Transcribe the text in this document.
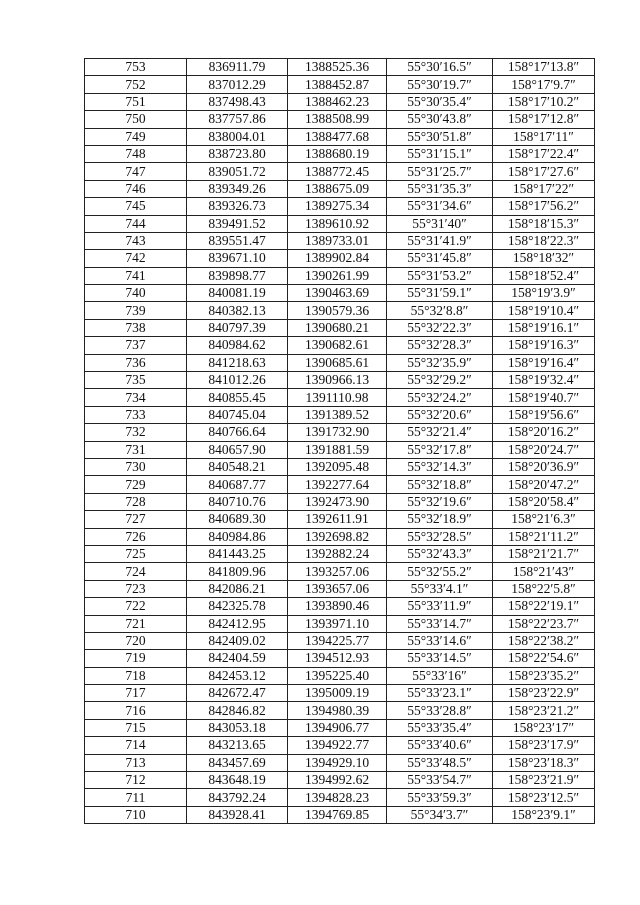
753	836911.79	1388525.36	55°30′16.5″	158°17′13.8″
752	837012.29	1388452.87	55°30′19.7″	158°17′9.7″
751	837498.43	1388462.23	55°30′35.4″	158°17′10.2″
750	837757.86	1388508.99	55°30′43.8″	158°17′12.8″
749	838004.01	1388477.68	55°30′51.8″	158°17′11″
748	838723.80	1388680.19	55°31′15.1″	158°17′22.4″
747	839051.72	1388772.45	55°31′25.7″	158°17′27.6″
746	839349.26	1388675.09	55°31′35.3″	158°17′22″
745	839326.73	1389275.34	55°31′34.6″	158°17′56.2″
744	839491.52	1389610.92	55°31′40″	158°18′15.3″
743	839551.47	1389733.01	55°31′41.9″	158°18′22.3″
742	839671.10	1389902.84	55°31′45.8″	158°18′32″
741	839898.77	1390261.99	55°31′53.2″	158°18′52.4″
740	840081.19	1390463.69	55°31′59.1″	158°19′3.9″
739	840382.13	1390579.36	55°32′8.8″	158°19′10.4″
738	840797.39	1390680.21	55°32′22.3″	158°19′16.1″
737	840984.62	1390682.61	55°32′28.3″	158°19′16.3″
736	841218.63	1390685.61	55°32′35.9″	158°19′16.4″
735	841012.26	1390966.13	55°32′29.2″	158°19′32.4″
734	840855.45	1391110.98	55°32′24.2″	158°19′40.7″
733	840745.04	1391389.52	55°32′20.6″	158°19′56.6″
732	840766.64	1391732.90	55°32′21.4″	158°20′16.2″
731	840657.90	1391881.59	55°32′17.8″	158°20′24.7″
730	840548.21	1392095.48	55°32′14.3″	158°20′36.9″
729	840687.77	1392277.64	55°32′18.8″	158°20′47.2″
728	840710.76	1392473.90	55°32′19.6″	158°20′58.4″
727	840689.30	1392611.91	55°32′18.9″	158°21′6.3″
726	840984.86	1392698.82	55°32′28.5″	158°21′11.2″
725	841443.25	1392882.24	55°32′43.3″	158°21′21.7″
724	841809.96	1393257.06	55°32′55.2″	158°21′43″
723	842086.21	1393657.06	55°33′4.1″	158°22′5.8″
722	842325.78	1393890.46	55°33′11.9″	158°22′19.1″
721	842412.95	1393971.10	55°33′14.7″	158°22′23.7″
720	842409.02	1394225.77	55°33′14.6″	158°22′38.2″
719	842404.59	1394512.93	55°33′14.5″	158°22′54.6″
718	842453.12	1395225.40	55°33′16″	158°23′35.2″
717	842672.47	1395009.19	55°33′23.1″	158°23′22.9″
716	842846.82	1394980.39	55°33′28.8″	158°23′21.2″
715	843053.18	1394906.77	55°33′35.4″	158°23′17″
714	843213.65	1394922.77	55°33′40.6″	158°23′17.9″
713	843457.69	1394929.10	55°33′48.5″	158°23′18.3″
712	843648.19	1394992.62	55°33′54.7″	158°23′21.9″
711	843792.24	1394828.23	55°33′59.3″	158°23′12.5″
710	843928.41	1394769.85	55°34′3.7″	158°23′9.1″
